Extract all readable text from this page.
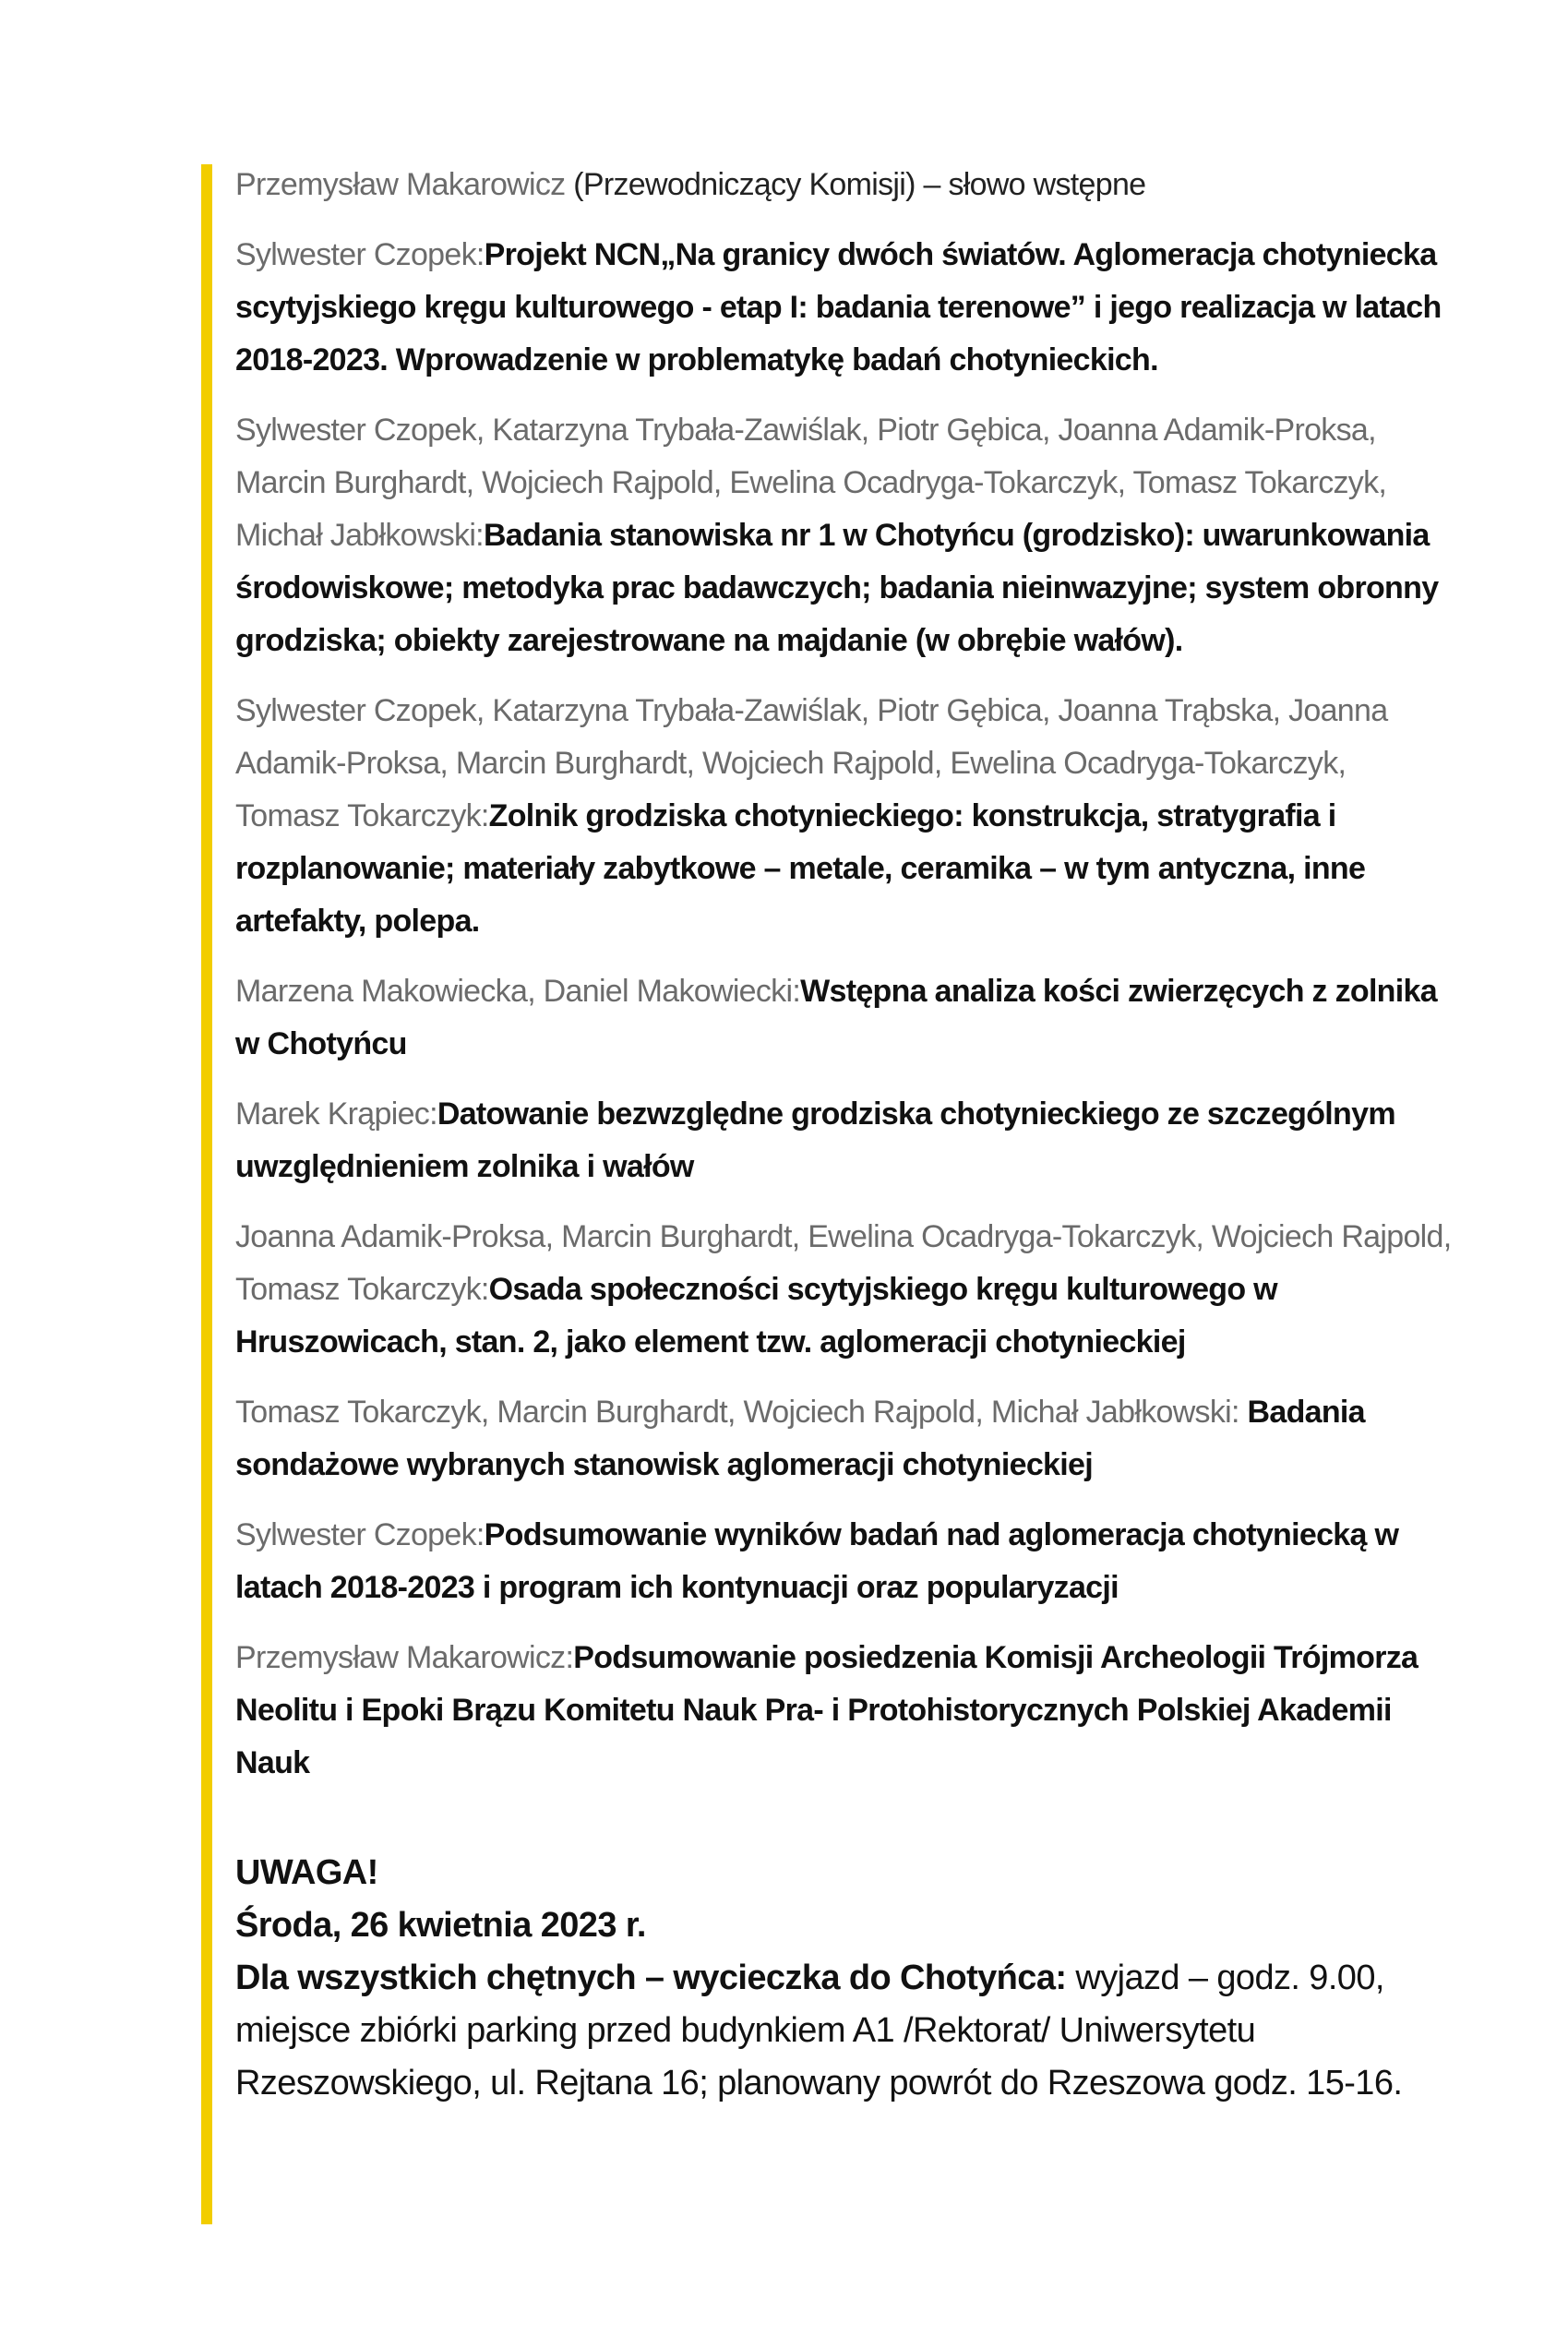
Przemysław Makarowicz (Przewodniczący Komisji) – słowo wstępne

Sylwester Czopek:Projekt NCN„Na granicy dwóch światów. Aglomeracja chotyniecka scytyjskiego kręgu kulturowego - etap I: badania terenowe” i jego realizacja w latach 2018-2023. Wprowadzenie w problematykę badań chotynieckich.

Sylwester Czopek, Katarzyna Trybała-Zawiślak, Piotr Gębica, Joanna Adamik-Proksa, Marcin Burghardt, Wojciech Rajpold, Ewelina Ocadryga-Tokarczyk, Tomasz Tokarczyk, Michał Jabłkowski:Badania stanowiska nr 1 w Chotyńcu (grodzisko): uwarunkowania środowiskowe; metodyka prac badawczych; badania nieinwazyjne; system obronny grodziska; obiekty zarejestrowane na majdanie (w obrębie wałów).

Sylwester Czopek, Katarzyna Trybała-Zawiślak, Piotr Gębica, Joanna Trąbska, Joanna Adamik-Proksa, Marcin Burghardt, Wojciech Rajpold, Ewelina Ocadryga-Tokarczyk, Tomasz Tokarczyk:Zolnik grodziska chotynieckiego: konstrukcja, stratygrafia i rozplanowanie; materiały zabytkowe – metale, ceramika – w tym antyczna, inne artefakty, polepa.

Marzena Makowiecka, Daniel Makowiecki:Wstępna analiza kości zwierzęcych z zolnika w Chotyńcu

Marek Krąpiec:Datowanie bezwzględne grodziska chotynieckiego ze szczególnym uwzględnieniem zolnika i wałów

Joanna Adamik-Proksa, Marcin Burghardt, Ewelina Ocadryga-Tokarczyk, Wojciech Rajpold, Tomasz Tokarczyk:Osada społeczności scytyjskiego kręgu kulturowego w Hruszowicach, stan. 2, jako element tzw. aglomeracji chotynieckiej

Tomasz Tokarczyk, Marcin Burghardt, Wojciech Rajpold, Michał Jabłkowski: Badania sondażowe wybranych stanowisk aglomeracji chotynieckiej

Sylwester Czopek:Podsumowanie wyników badań nad aglomeracja chotyniecką w latach 2018-2023 i program ich kontynuacji oraz popularyzacji

Przemysław Makarowicz:Podsumowanie posiedzenia Komisji Archeologii Trójmorza Neolitu i Epoki Brązu Komitetu Nauk Pra- i Protohistorycznych Polskiej Akademii Nauk

UWAGA!
Środa, 26 kwietnia 2023 r.
Dla wszystkich chętnych – wycieczka do Chotyńca: wyjazd – godz. 9.00, miejsce zbiórki parking przed budynkiem A1 /Rektorat/ Uniwersytetu Rzeszowskiego, ul. Rejtana 16; planowany powrót do Rzeszowa godz. 15-16.
